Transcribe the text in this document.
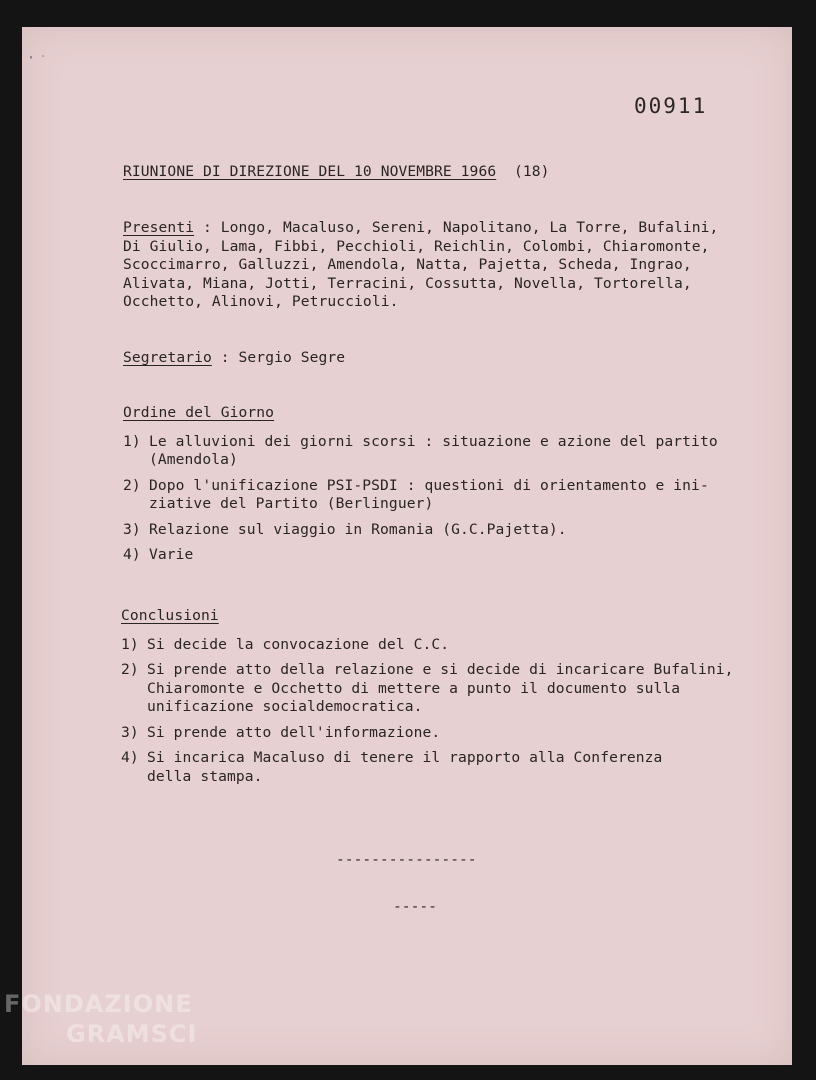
00911
RIUNIONE DI DIREZIONE DEL 10 NOVEMBRE 1966 (18)
Presenti : Longo, Macaluso, Sereni, Napolitano, La Torre, Bufalini,
Di Giulio, Lama, Fibbi, Pecchioli, Reichlin, Colombi, Chiaromonte,
Scoccimarro, Galluzzi, Amendola, Natta, Pajetta, Scheda, Ingrao,
Alivata, Miana, Jotti, Terracini, Cossutta, Novella, Tortorella,
Occhetto, Alinovi, Petruccioli.
Segretario : Sergio Segre
Ordine del Giorno
1) Le alluvioni dei giorni scorsi : situazione e azione del partito
(Amendola)
2) Dopo l'unificazione PSI-PSDI : questioni di orientamento e ini-
ziative del Partito (Berlinguer)
3) Relazione sul viaggio in Romania (G.C.Pajetta).
4) Varie
Conclusioni
1) Si decide la convocazione del C.C.
2) Si prende atto della relazione e si decide di incaricare Bufalini,
Chiaromonte e Occhetto di mettere a punto il documento sulla
unificazione socialdemocratica.
3) Si prende atto dell'informazione.
4) Si incarica Macaluso di tenere il rapporto alla Conferenza
della stampa.
----------------
-----
' ˙
FONDAZIONE
GRAMSCI
